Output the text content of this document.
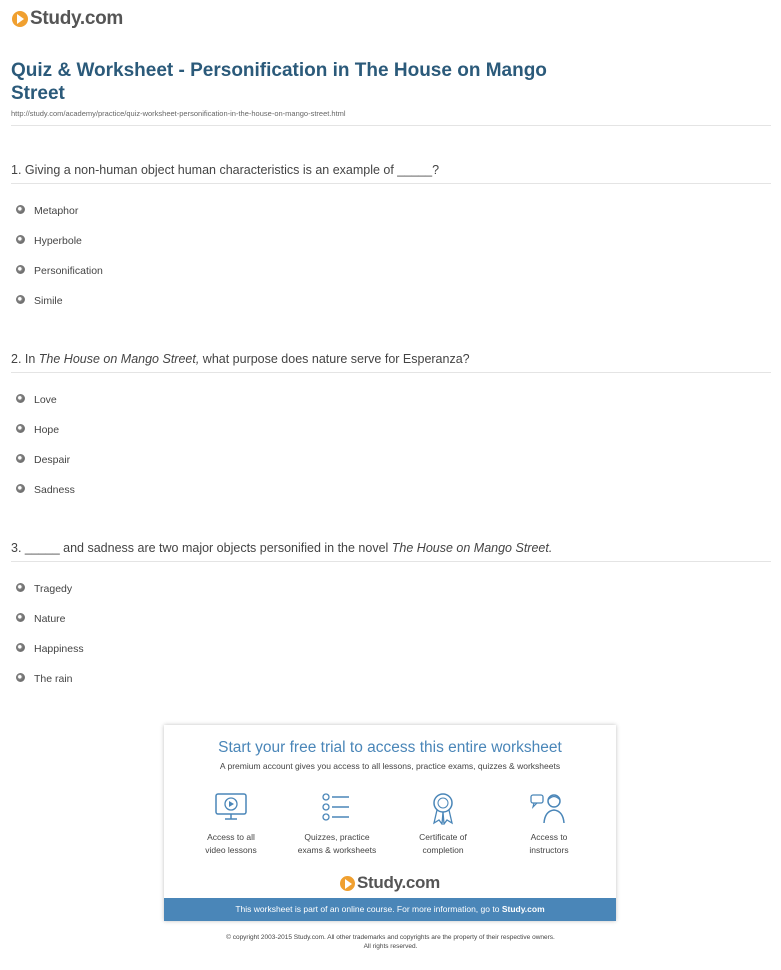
Study.com
Quiz & Worksheet - Personification in The House on Mango Street
http://study.com/academy/practice/quiz-worksheet-personification-in-the-house-on-mango-street.html
1. Giving a non-human object human characteristics is an example of _____?
Metaphor
Hyperbole
Personification
Simile
2. In The House on Mango Street, what purpose does nature serve for Esperanza?
Love
Hope
Despair
Sadness
3. _____ and sadness are two major objects personified in the novel The House on Mango Street.
Tragedy
Nature
Happiness
The rain
Start your free trial to access this entire worksheet
A premium account gives you access to all lessons, practice exams, quizzes & worksheets
Access to all
video lessons
Quizzes, practice
exams & worksheets
Certificate of
completion
Access to
instructors
Study.com
This worksheet is part of an online course. For more information, go to Study.com
© copyright 2003-2015 Study.com. All other trademarks and copyrights are the property of their respective owners.
All rights reserved.
